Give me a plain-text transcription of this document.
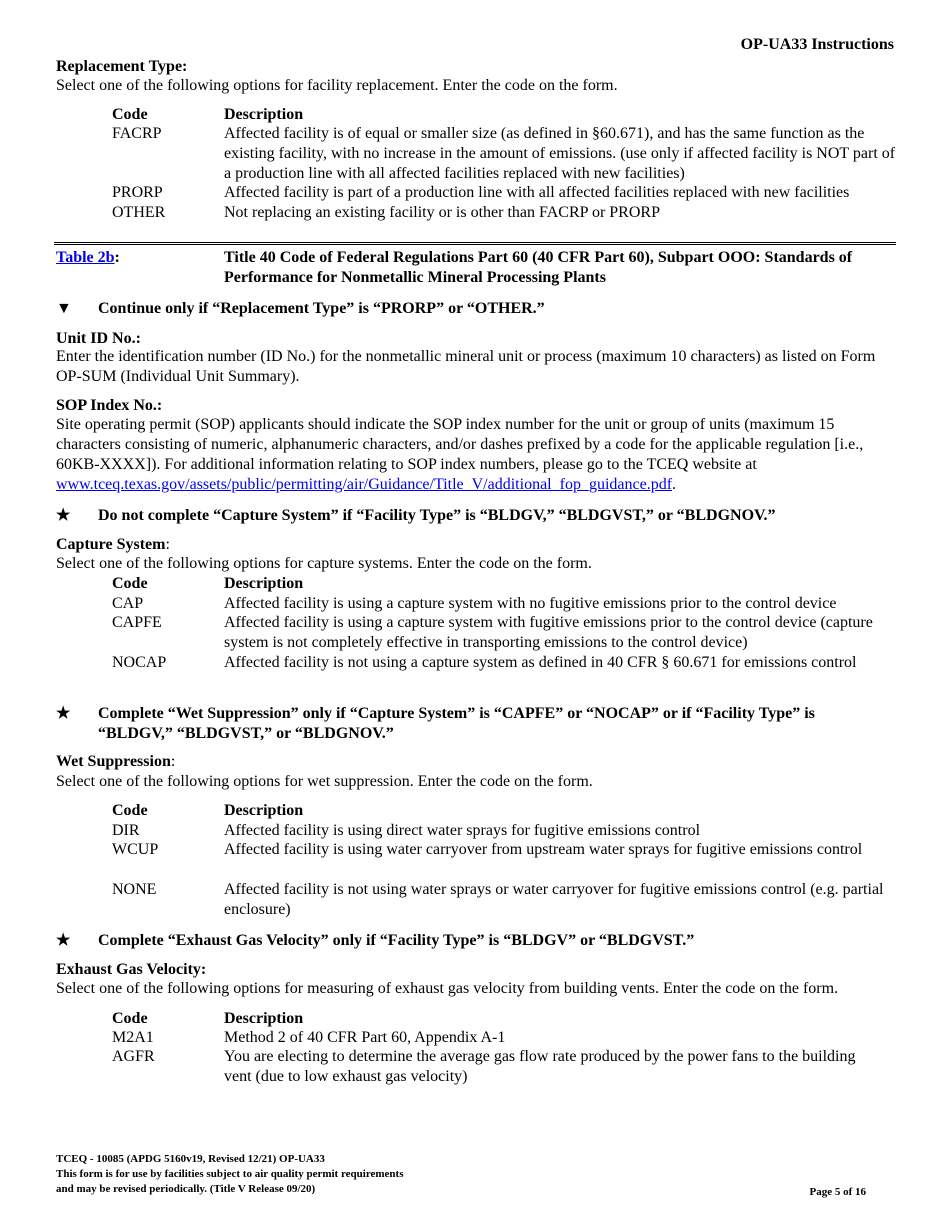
OP-UA33 Instructions
Replacement Type:
Select one of the following options for facility replacement. Enter the code on the form.
Code	Description
FACRP	Affected facility is of equal or smaller size (as defined in §60.671), and has the same function as the existing facility, with no increase in the amount of emissions. (use only if affected facility is NOT part of a production line with all affected facilities replaced with new facilities)
PRORP	Affected facility is part of a production line with all affected facilities replaced with new facilities
OTHER	Not replacing an existing facility or is other than FACRP or PRORP
Table 2b:	Title 40 Code of Federal Regulations Part 60 (40 CFR Part 60), Subpart OOO: Standards of Performance for Nonmetallic Mineral Processing Plants
▼ Continue only if “Replacement Type” is “PRORP” or “OTHER.”
Unit ID No.:
Enter the identification number (ID No.) for the nonmetallic mineral unit or process (maximum 10 characters) as listed on Form OP-SUM (Individual Unit Summary).
SOP Index No.:
Site operating permit (SOP) applicants should indicate the SOP index number for the unit or group of units (maximum 15 characters consisting of numeric, alphanumeric characters, and/or dashes prefixed by a code for the applicable regulation [i.e., 60KB-XXXX]). For additional information relating to SOP index numbers, please go to the TCEQ website at www.tceq.texas.gov/assets/public/permitting/air/Guidance/Title_V/additional_fop_guidance.pdf.
★ Do not complete “Capture System” if “Facility Type” is “BLDGV,” “BLDGVST,” or “BLDGNOV.”
Capture System:
Select one of the following options for capture systems. Enter the code on the form.
Code	Description
CAP	Affected facility is using a capture system with no fugitive emissions prior to the control device
CAPFE	Affected facility is using a capture system with fugitive emissions prior to the control device (capture system is not completely effective in transporting emissions to the control device)
NOCAP	Affected facility is not using a capture system as defined in 40 CFR § 60.671 for emissions control
★ Complete “Wet Suppression” only if “Capture System” is “CAPFE” or “NOCAP” or if “Facility Type” is “BLDGV,” “BLDGVST,” or “BLDGNOV.”
Wet Suppression:
Select one of the following options for wet suppression. Enter the code on the form.
Code	Description
DIR	Affected facility is using direct water sprays for fugitive emissions control
WCUP	Affected facility is using water carryover from upstream water sprays for fugitive emissions control
NONE	Affected facility is not using water sprays or water carryover for fugitive emissions control (e.g. partial enclosure)
★ Complete “Exhaust Gas Velocity” only if “Facility Type” is “BLDGV” or “BLDGVST.”
Exhaust Gas Velocity:
Select one of the following options for measuring of exhaust gas velocity from building vents. Enter the code on the form.
Code	Description
M2A1	Method 2 of 40 CFR Part 60, Appendix A-1
AGFR	You are electing to determine the average gas flow rate produced by the power fans to the building vent (due to low exhaust gas velocity)
TCEQ - 10085 (APDG 5160v19, Revised 12/21) OP-UA33
This form is for use by facilities subject to air quality permit requirements
and may be revised periodically. (Title V Release 09/20)	Page 5 of 16
